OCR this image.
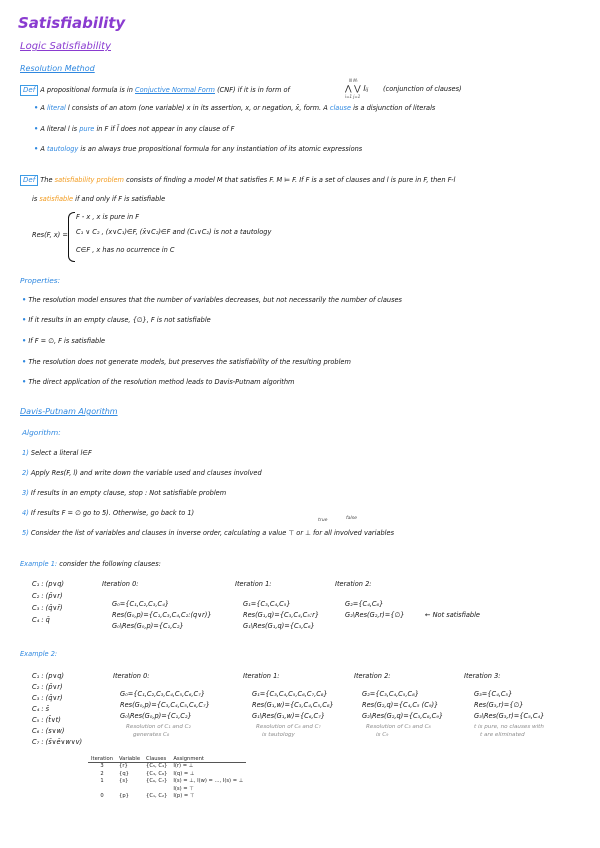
Satisfiability
Logic Satisfiability
Resolution Method
Def A propositional formula is in Conjuctive Normal Form (CNF) if it is in form of
N Mᵢ
⋀ ⋁ lᵢⱼ
i=1 j=1
(conjunction of clauses)
• A literal l consists of an atom (one variable) x in its assertion, x, or negation, x̄, form. A clause is a disjunction of literals
• A literal l is pure in F if l̄ does not appear in any clause of F
• A tautology is an always true propositional formula for any instantiation of its atomic expressions
Def The satisfiability problem consists of finding a model M that satisfies F. M ⊨ F. If F is a set of clauses and l is pure in F, then F-l
is satisfiable if and only if F is satisfiable
Res(F, x) =
F - x , x is pure in F
C₁ ∨ C₂ , (x∨C₁)∈F, (x̄∨C₂)∈F and (C₁∨C₂) is not a tautology
C∈F , x has no ocurrence in C
Properties:
• The resolution model ensures that the number of variables decreases, but not necessarily the number of clauses
• If it results in an empty clause, {∅}, F is not satisfiable
• If F = ∅, F is satisfiable
• The resolution does not generate models, but preserves the satisfiability of the resulting problem
• The direct application of the resolution method leads to Davis-Putnam algorithm
Davis-Putnam Algorithm
Algorithm:
1) Select a literal l∈F
2) Apply Res(F, l) and write down the variable used and clauses involved
3) If results in an empty clause, stop : Not satisfiable problem
4) If results F = ∅ go to 5). Otherwise, go back to 1)
true	false
5) Consider the list of variables and clauses in inverse order, calculating a value ⊤ or ⊥ for all involved variables
Example 1: consider the following clauses:
C₁ : (p∨q)
C₂ : (p̄∨r)
C₃ : (q̄∨r̄)
C₄ : q̄
Iteration 0:
G₀={C₁,C₂,C₃,C₄}
Res(G₀,p)={C₁,C₃,C₄,C₂:(q∨r)}
G₀\Res(G₀,p)={C₁,C₂}
Iteration 1:
G₁={C₃,C₄,C₅}
Res(G₁,q)={C₃,C₄,C₅:r}
G₁\Res(G₁,q)={C₃,C₆}
Iteration 2:
G₂={C₄,C₆}
G₂\Res(G₂,r)={∅}	← Not satisfiable
Example 2:
C₁ : (p∨q)
C₂ : (p̄∨r)
C₃ : (q̄∨r)
C₄ : s̄
C₅ : (t̄∨t)
C₆ : (s∨w)
C₇ : (s̄∨ē∨w∨v)
Iteration 0:
G₀={C₁,C₂,C₃,C₄,C₅,C₆,C₇}
Res(G₀,p)={C₃,C₄,C₅,C₆,C₇}
G₀\Res(G₀,p)={C₁,C₂}
Resolution of C₁ and C₂
generates C₈
Iteration 1:
G₁={C₃,C₄,C₅,C₆,C₇,C₈}
Res(G₁,w)={C₃,C₄,C₅,C₈}
G₁\Res(G₁,w)={C₆,C₇}
Resolution of C₆ and C₇
is tautology
Iteration 2:
G₂={C₃,C₄,C₅,C₈}
Res(G₂,q)={C₄,C₅ (C₉)}
G₂\Res(G₂,q)={C₃,C₈,C₉}
Resolution of C₃ and C₈
is C₉
Iteration 3:
G₃={C₄,C₅}
Res(G₃,r)={∅}
G₃\Res(G₃,r)={C₅,C₄}
t is pure, no clauses with
t are eliminated
Iteration	Variable	Clauses	Assignment
3	{r}	{C₅, C₄}	I(r) = ⊥
2	{q}	{C₃, C₈}	I(q) = ⊥
1	{s}	{C₆, C₇}	I(s) = ⊥, I(w) = ..., I(s) = ⊥
			I(s) = ⊤
0	{p}	{C₁, C₂}	I(p) = ⊤
